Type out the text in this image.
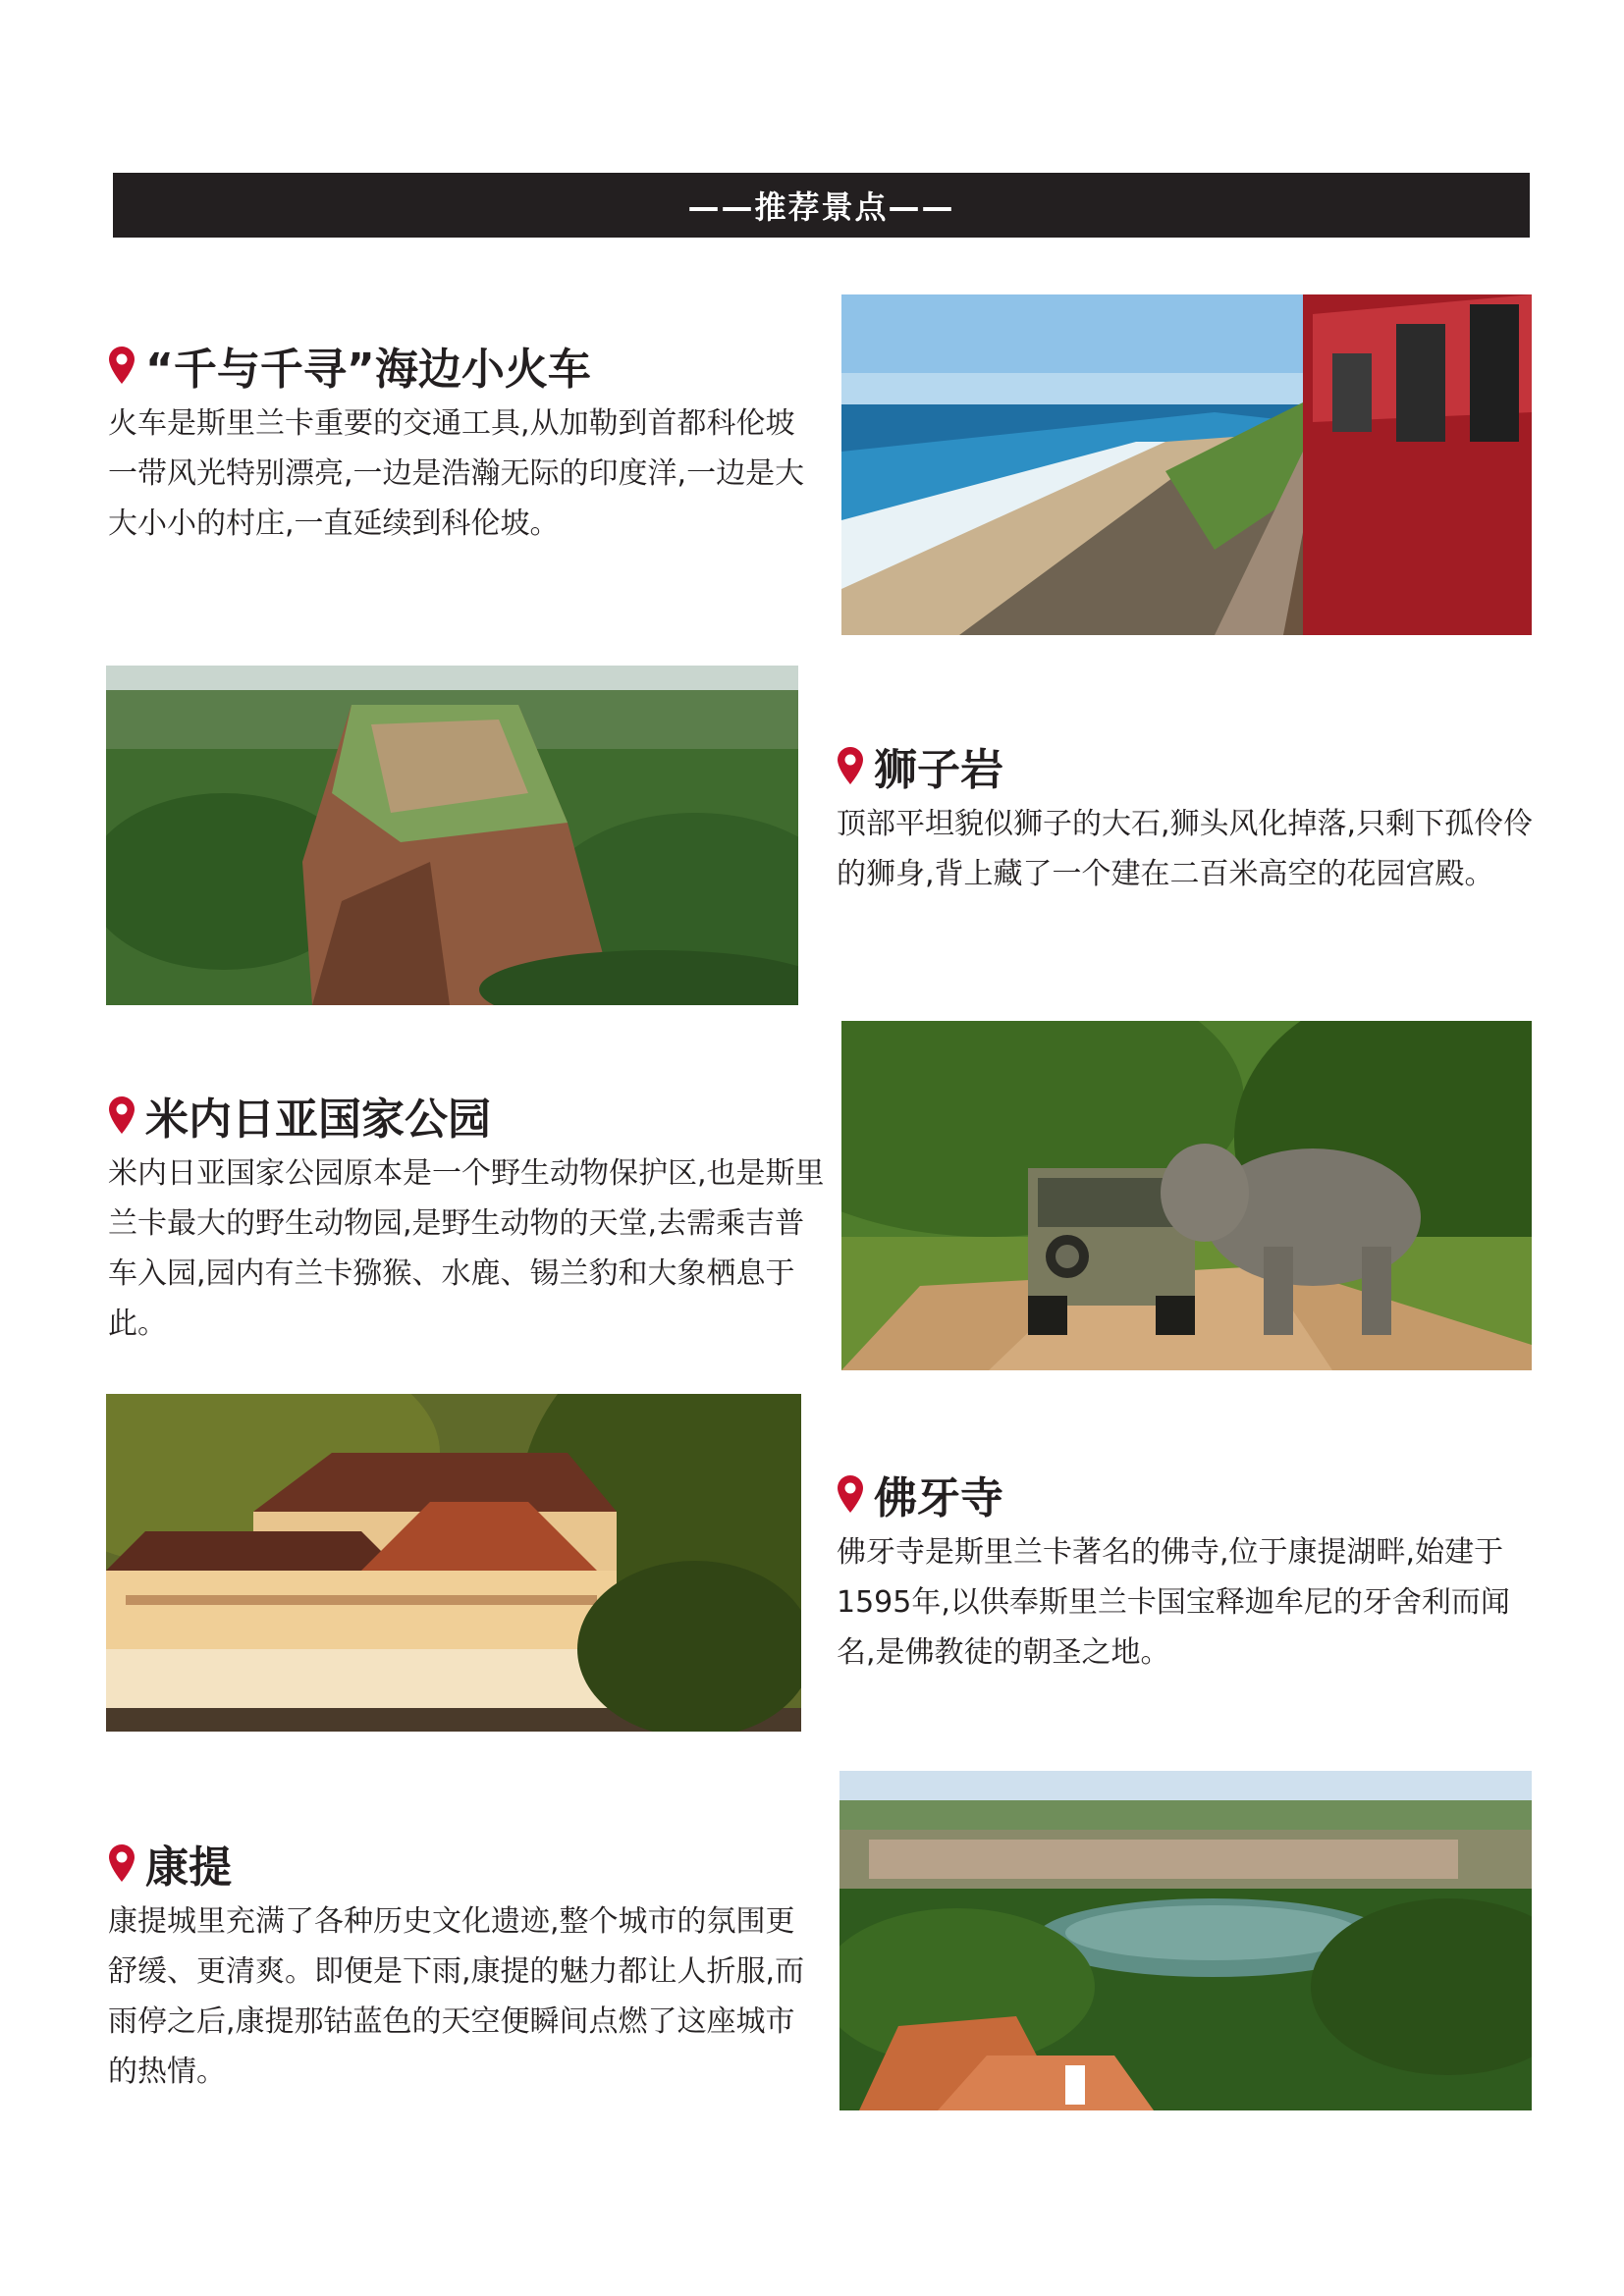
——推荐景点——
“千与千寻”海边小火车
火车是斯里兰卡重要的交通工具,从加勒到首都科伦坡一带风光特别漂亮,一边是浩瀚无际的印度洋,一边是大大小小的村庄,一直延续到科伦坡。
狮子岩
顶部平坦貌似狮子的大石,狮头风化掉落,只剩下孤伶伶的狮身,背上藏了一个建在二百米高空的花园宫殿。
米内日亚国家公园
米内日亚国家公园原本是一个野生动物保护区,也是斯里兰卡最大的野生动物园,是野生动物的天堂,去需乘吉普车入园,园内有兰卡猕猴、水鹿、锡兰豹和大象栖息于此。
佛牙寺
佛牙寺是斯里兰卡著名的佛寺,位于康提湖畔,始建于1595年,以供奉斯里兰卡国宝释迦牟尼的牙舍利而闻名,是佛教徒的朝圣之地。
康提
康提城里充满了各种历史文化遗迹,整个城市的氛围更舒缓、更清爽。即便是下雨,康提的魅力都让人折服,而雨停之后,康提那钴蓝色的天空便瞬间点燃了这座城市的热情。
